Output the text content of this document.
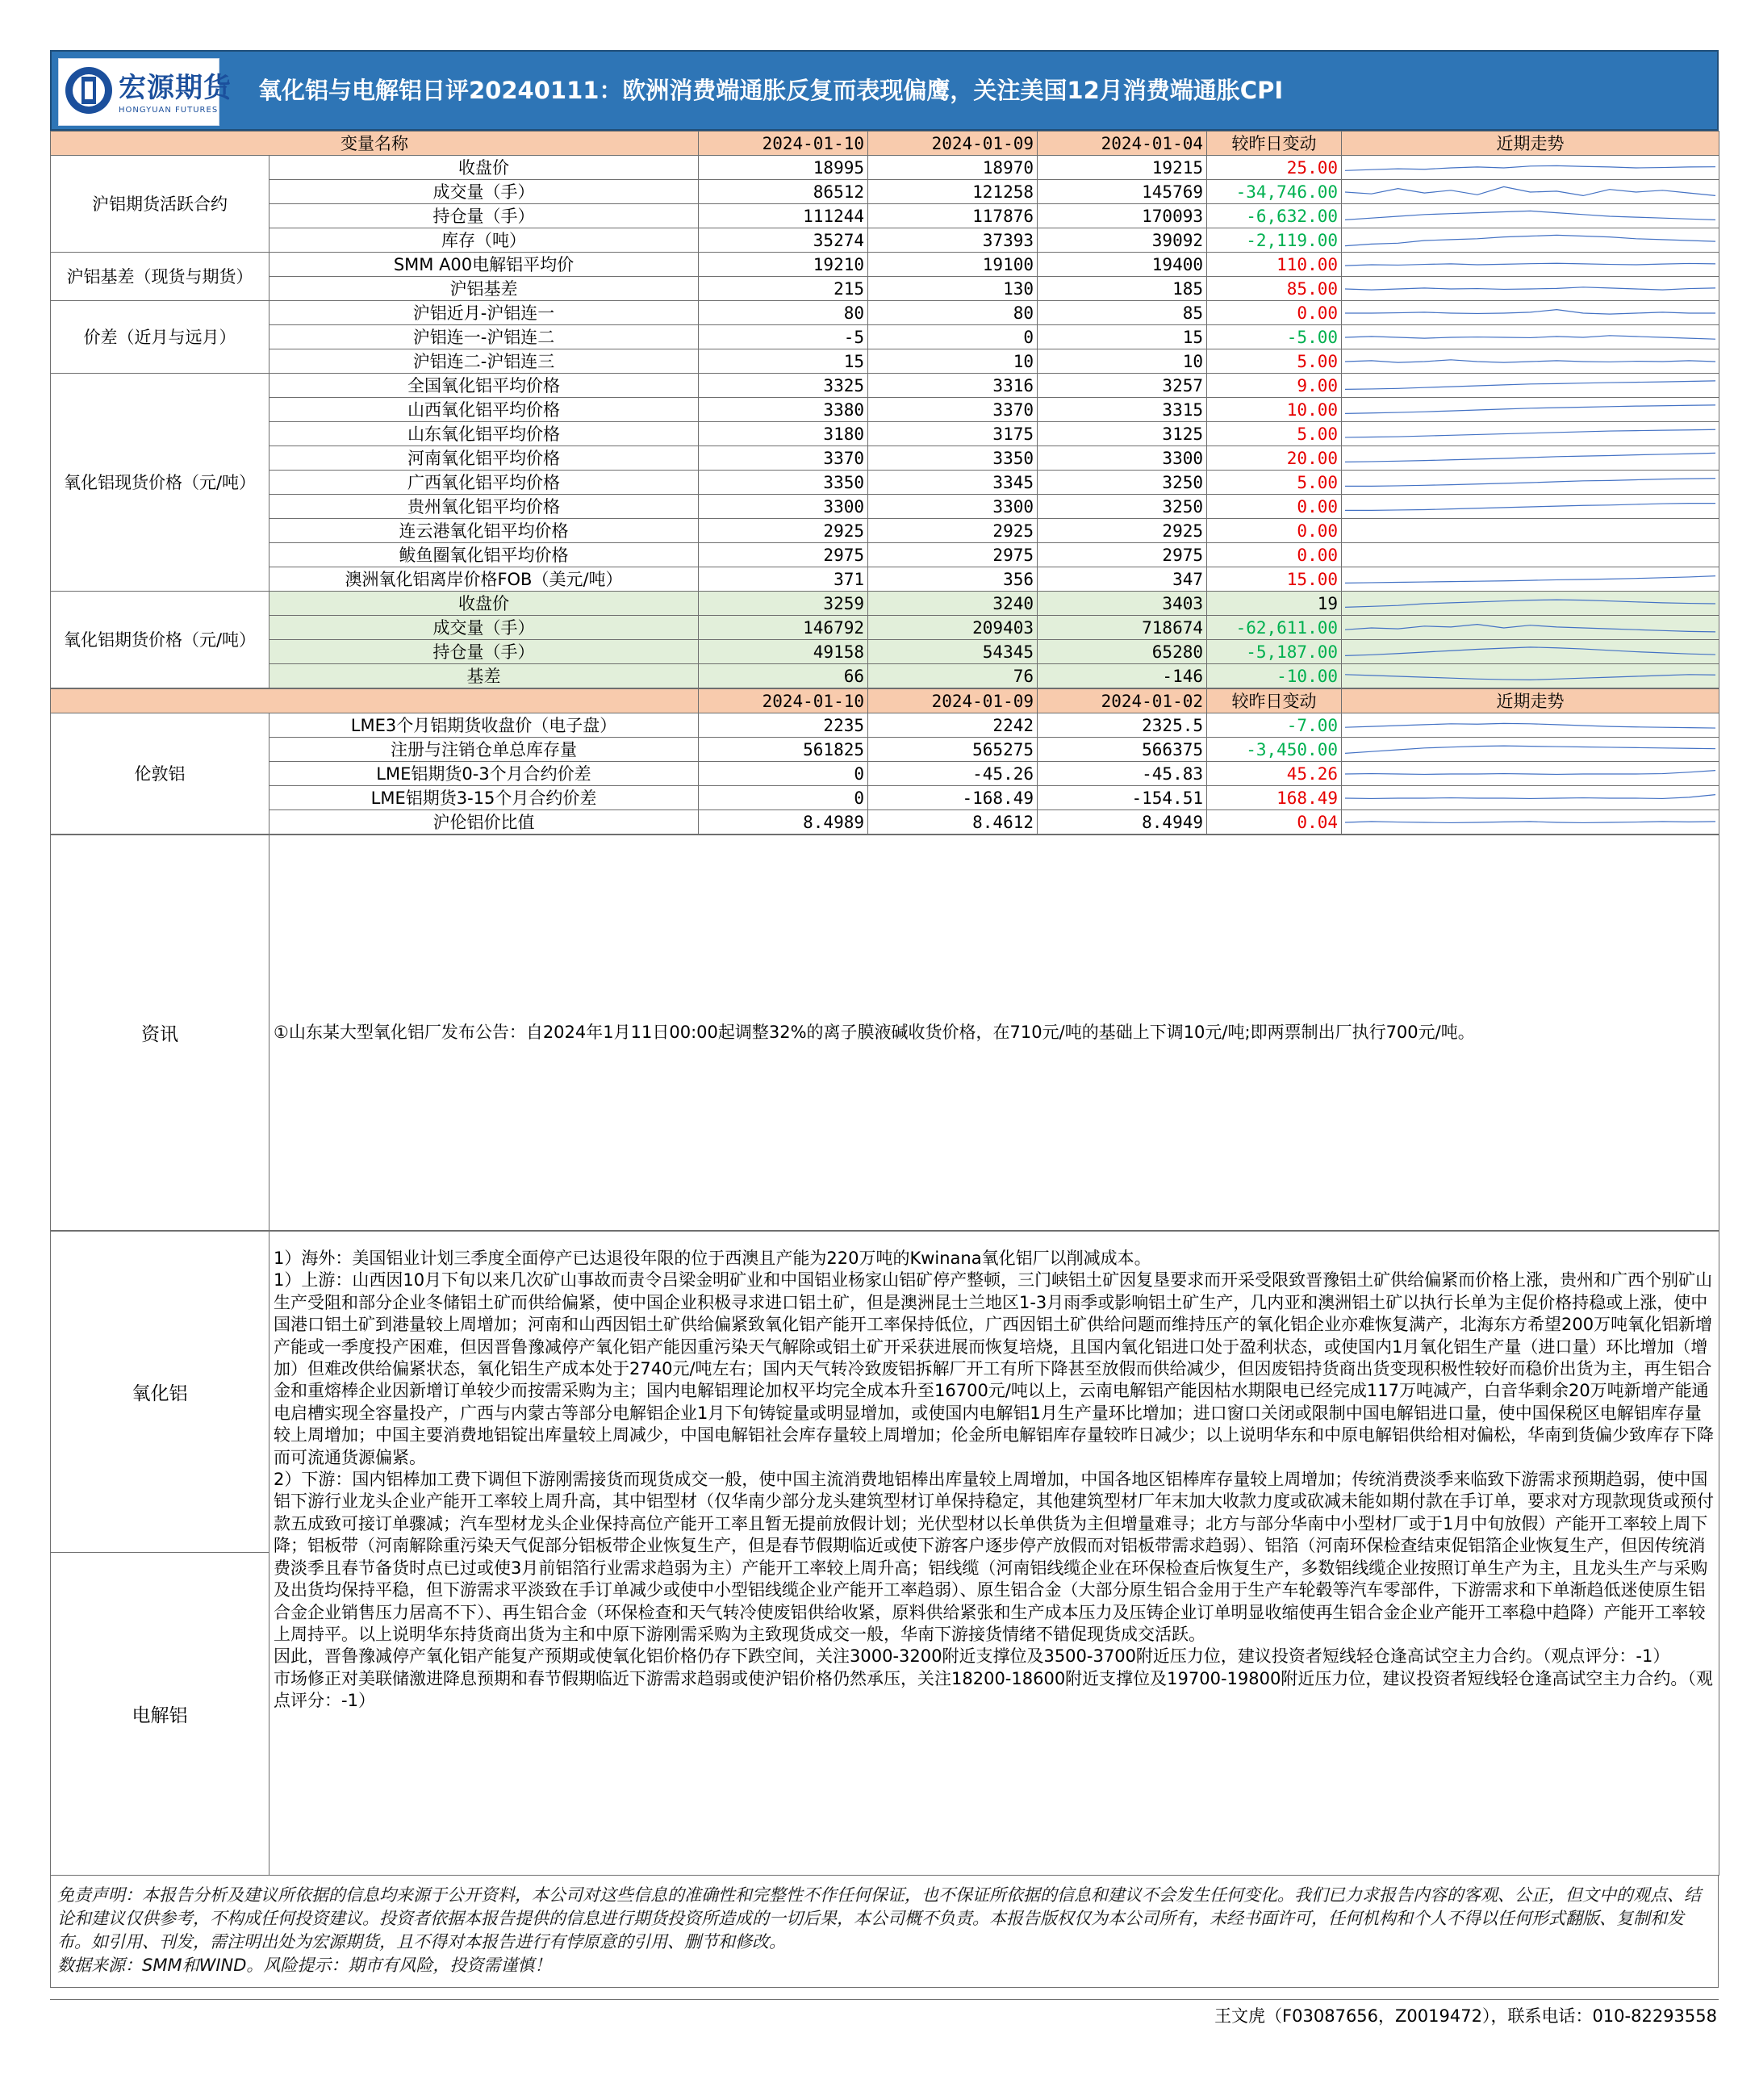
宏源期货
HONGYUAN FUTURES
氧化铝与电解铝日评20240111：欧洲消费端通胀反复而表现偏鹰，关注美国12月消费端通胀CPI
变量名称		2024-01-10	2024-01-09	2024-01-04	较昨日变动	近期走势
沪铝期货活跃合约	收盘价	18995	18970	19215	25.00	

	成交量（手）	86512	121258	145769	-34,746.00	

	持仓量（手）	111244	117876	170093	-6,632.00	

	库存（吨）	35274	37393	39092	-2,119.00	

沪铝基差（现货与期货）	SMM A00电解铝平均价	19210	19100	19400	110.00	

	沪铝基差	215	130	185	85.00	

价差（近月与远月）	沪铝近月-沪铝连一	80	80	85	0.00	

	沪铝连一-沪铝连二	-5	0	15	-5.00	

	沪铝连二-沪铝连三	15	10	10	5.00	

氧化铝现货价格（元/吨）	全国氧化铝平均价格	3325	3316	3257	9.00	

	山西氧化铝平均价格	3380	3370	3315	10.00	

	山东氧化铝平均价格	3180	3175	3125	5.00	

	河南氧化铝平均价格	3370	3350	3300	20.00	

	广西氧化铝平均价格	3350	3345	3250	5.00	

	贵州氧化铝平均价格	3300	3300	3250	0.00	

	连云港氧化铝平均价格	2925	2925	2925	0.00	

	鲅鱼圈氧化铝平均价格	2975	2975	2975	0.00	

	澳洲氧化铝离岸价格FOB（美元/吨）	371	356	347	15.00	

氧化铝期货价格（元/吨）	收盘价	3259	3240	3403	19	

	成交量（手）	146792	209403	718674	-62,611.00	

	持仓量（手）	49158	54345	65280	-5,187.00	

	基差	66	76	-146	-10.00	
		2024-01-10	2024-01-09	2024-01-02	较昨日变动	近期走势
伦敦铝	LME3个月铝期货收盘价（电子盘）	2235	2242	2325.5	-7.00	

	注册与注销仓单总库存量	561825	565275	566375	-3,450.00	

	LME铝期货0-3个月合约价差	0	-45.26	-45.83	45.26	

	LME铝期货3-15个月合约价差	0	-168.49	-154.51	168.49	

	沪伦铝价比值	8.4989	8.4612	8.4949	0.04	
资讯	①山东某大型氧化铝厂发布公告：自2024年1月11日00:00起调整32%的离子膜液碱收货价格，在710元/吨的基础上下调10元/吨;即两票制出厂执行700元/吨。

氧化铝	

1）海外：美国铝业计划三季度全面停产已达退役年限的位于西澳且产能为220万吨的Kwinana氧化铝厂以削减成本。

1）上游：山西因10月下旬以来几次矿山事故而责令吕梁金明矿业和中国铝业杨家山铝矿停产整顿，三门峡铝土矿因复垦要求而开采受限致晋豫铝土矿供给偏紧而价格上涨，贵州和广西个别矿山生产受阻和部分企业冬储铝土矿而供给偏紧，使中国企业积极寻求进口铝土矿，但是澳洲昆士兰地区1-3月雨季或影响铝土矿生产，几内亚和澳洲铝土矿以执行长单为主促价格持稳或上涨，使中国港口铝土矿到港量较上周增加；河南和山西因铝土矿供给偏紧致氧化铝产能开工率保持低位，广西因铝土矿供给问题而维持压产的氧化铝企业亦难恢复满产，北海东方希望200万吨氧化铝新增产能或一季度投产困难，但因晋鲁豫减停产氧化铝产能因重污染天气解除或铝土矿开采获进展而恢复培烧，且国内氧化铝进口处于盈利状态，或使国内1月氧化铝生产量（进口量）环比增加（增加）但难改供给偏紧状态，氧化铝生产成本处于2740元/吨左右；国内天气转冷致废铝拆解厂开工有所下降甚至放假而供给减少，但因废铝持货商出货变现积极性较好而稳价出货为主，再生铝合金和重熔棒企业因新增订单较少而按需采购为主；国内电解铝理论加权平均完全成本升至16700元/吨以上，云南电解铝产能因枯水期限电已经完成117万吨减产，白音华剩余20万吨新增产能通电启槽实现全容量投产，广西与内蒙古等部分电解铝企业1月下旬铸锭量或明显增加，或使国内电解铝1月生产量环比增加；进口窗口关闭或限制中国电解铝进口量，使中国保税区电解铝库存量较上周增加；中国主要消费地铝锭出库量较上周减少，中国电解铝社会库存量较上周增加；伦金所电解铝库存量较昨日减少；以上说明华东和中原电解铝供给相对偏松，华南到货偏少致库存下降而可流通货源偏紧。

2）下游：国内铝棒加工费下调但下游刚需接货而现货成交一般，使中国主流消费地铝棒出库量较上周增加，中国各地区铝棒库存量较上周增加；传统消费淡季来临致下游需求预期趋弱，使中国铝下游行业龙头企业产能开工率较上周升高，其中铝型材（仅华南少部分龙头建筑型材订单保持稳定，其他建筑型材厂年末加大收款力度或砍减未能如期付款在手订单，要求对方现款现货或预付款五成致可接订单骤减；汽车型材龙头企业保持高位产能开工率且暂无提前放假计划；光伏型材以长单供货为主但增量难寻；北方与部分华南中小型材厂或于1月中旬放假）产能开工率较上周下降；铝板带（河南解除重污染天气促部分铝板带企业恢复生产，但是春节假期临近或使下游客户逐步停产放假而对铝板带需求趋弱）、铝箔（河南环保检查结束促铝箔企业恢复生产，但因传统消费淡季且春节备货时点已过或使3月前铝箔行业需求趋弱为主）产能开工率较上周升高；铝线缆（河南铝线缆企业在环保检查后恢复生产，多数铝线缆企业按照订单生产为主，且龙头生产与采购及出货均保持平稳，但下游需求平淡致在手订单减少或使中小型铝线缆企业产能开工率趋弱）、原生铝合金（大部分原生铝合金用于生产车轮毂等汽车零部件，下游需求和下单渐趋低迷使原生铝合金企业销售压力居高不下）、再生铝合金（环保检查和天气转冷使废铝供给收紧，原料供给紧张和生产成本压力及压铸企业订单明显收缩使再生铝合金企业产能开工率稳中趋降）产能开工率较上周持平。以上说明华东持货商出货为主和中原下游刚需采购为主致现货成交一般，华南下游接货情绪不错促现货成交活跃。

因此，晋鲁豫减停产氧化铝产能复产预期或使氧化铝价格仍存下跌空间，关注3000-3200附近支撑位及3500-3700附近压力位，建议投资者短线轻仓逢高试空主力合约。（观点评分：-1）

市场修正对美联储激进降息预期和春节假期临近下游需求趋弱或使沪铝价格仍然承压，关注18200-18600附近支撑位及19700-19800附近压力位，建议投资者短线轻仓逢高试空主力合约。（观点评分：-1）

电解铝
免责声明：本报告分析及建议所依据的信息均来源于公开资料，本公司对这些信息的准确性和完整性不作任何保证，也不保证所依据的信息和建议不会发生任何变化。我们已力求报告内容的客观、公正，但文中的观点、结论和建议仅供参考，不构成任何投资建议。投资者依据本报告提供的信息进行期货投资所造成的一切后果，本公司概不负责。本报告版权仅为本公司所有，未经书面许可，任何机构和个人不得以任何形式翻版、复制和发布。如引用、刊发，需注明出处为宏源期货，且不得对本报告进行有悖原意的引用、删节和修改。
数据来源：SMM和WIND。风险提示：期市有风险，投资需谨慎！
王文虎（F03087656，Z0019472），联系电话：010-82293558
